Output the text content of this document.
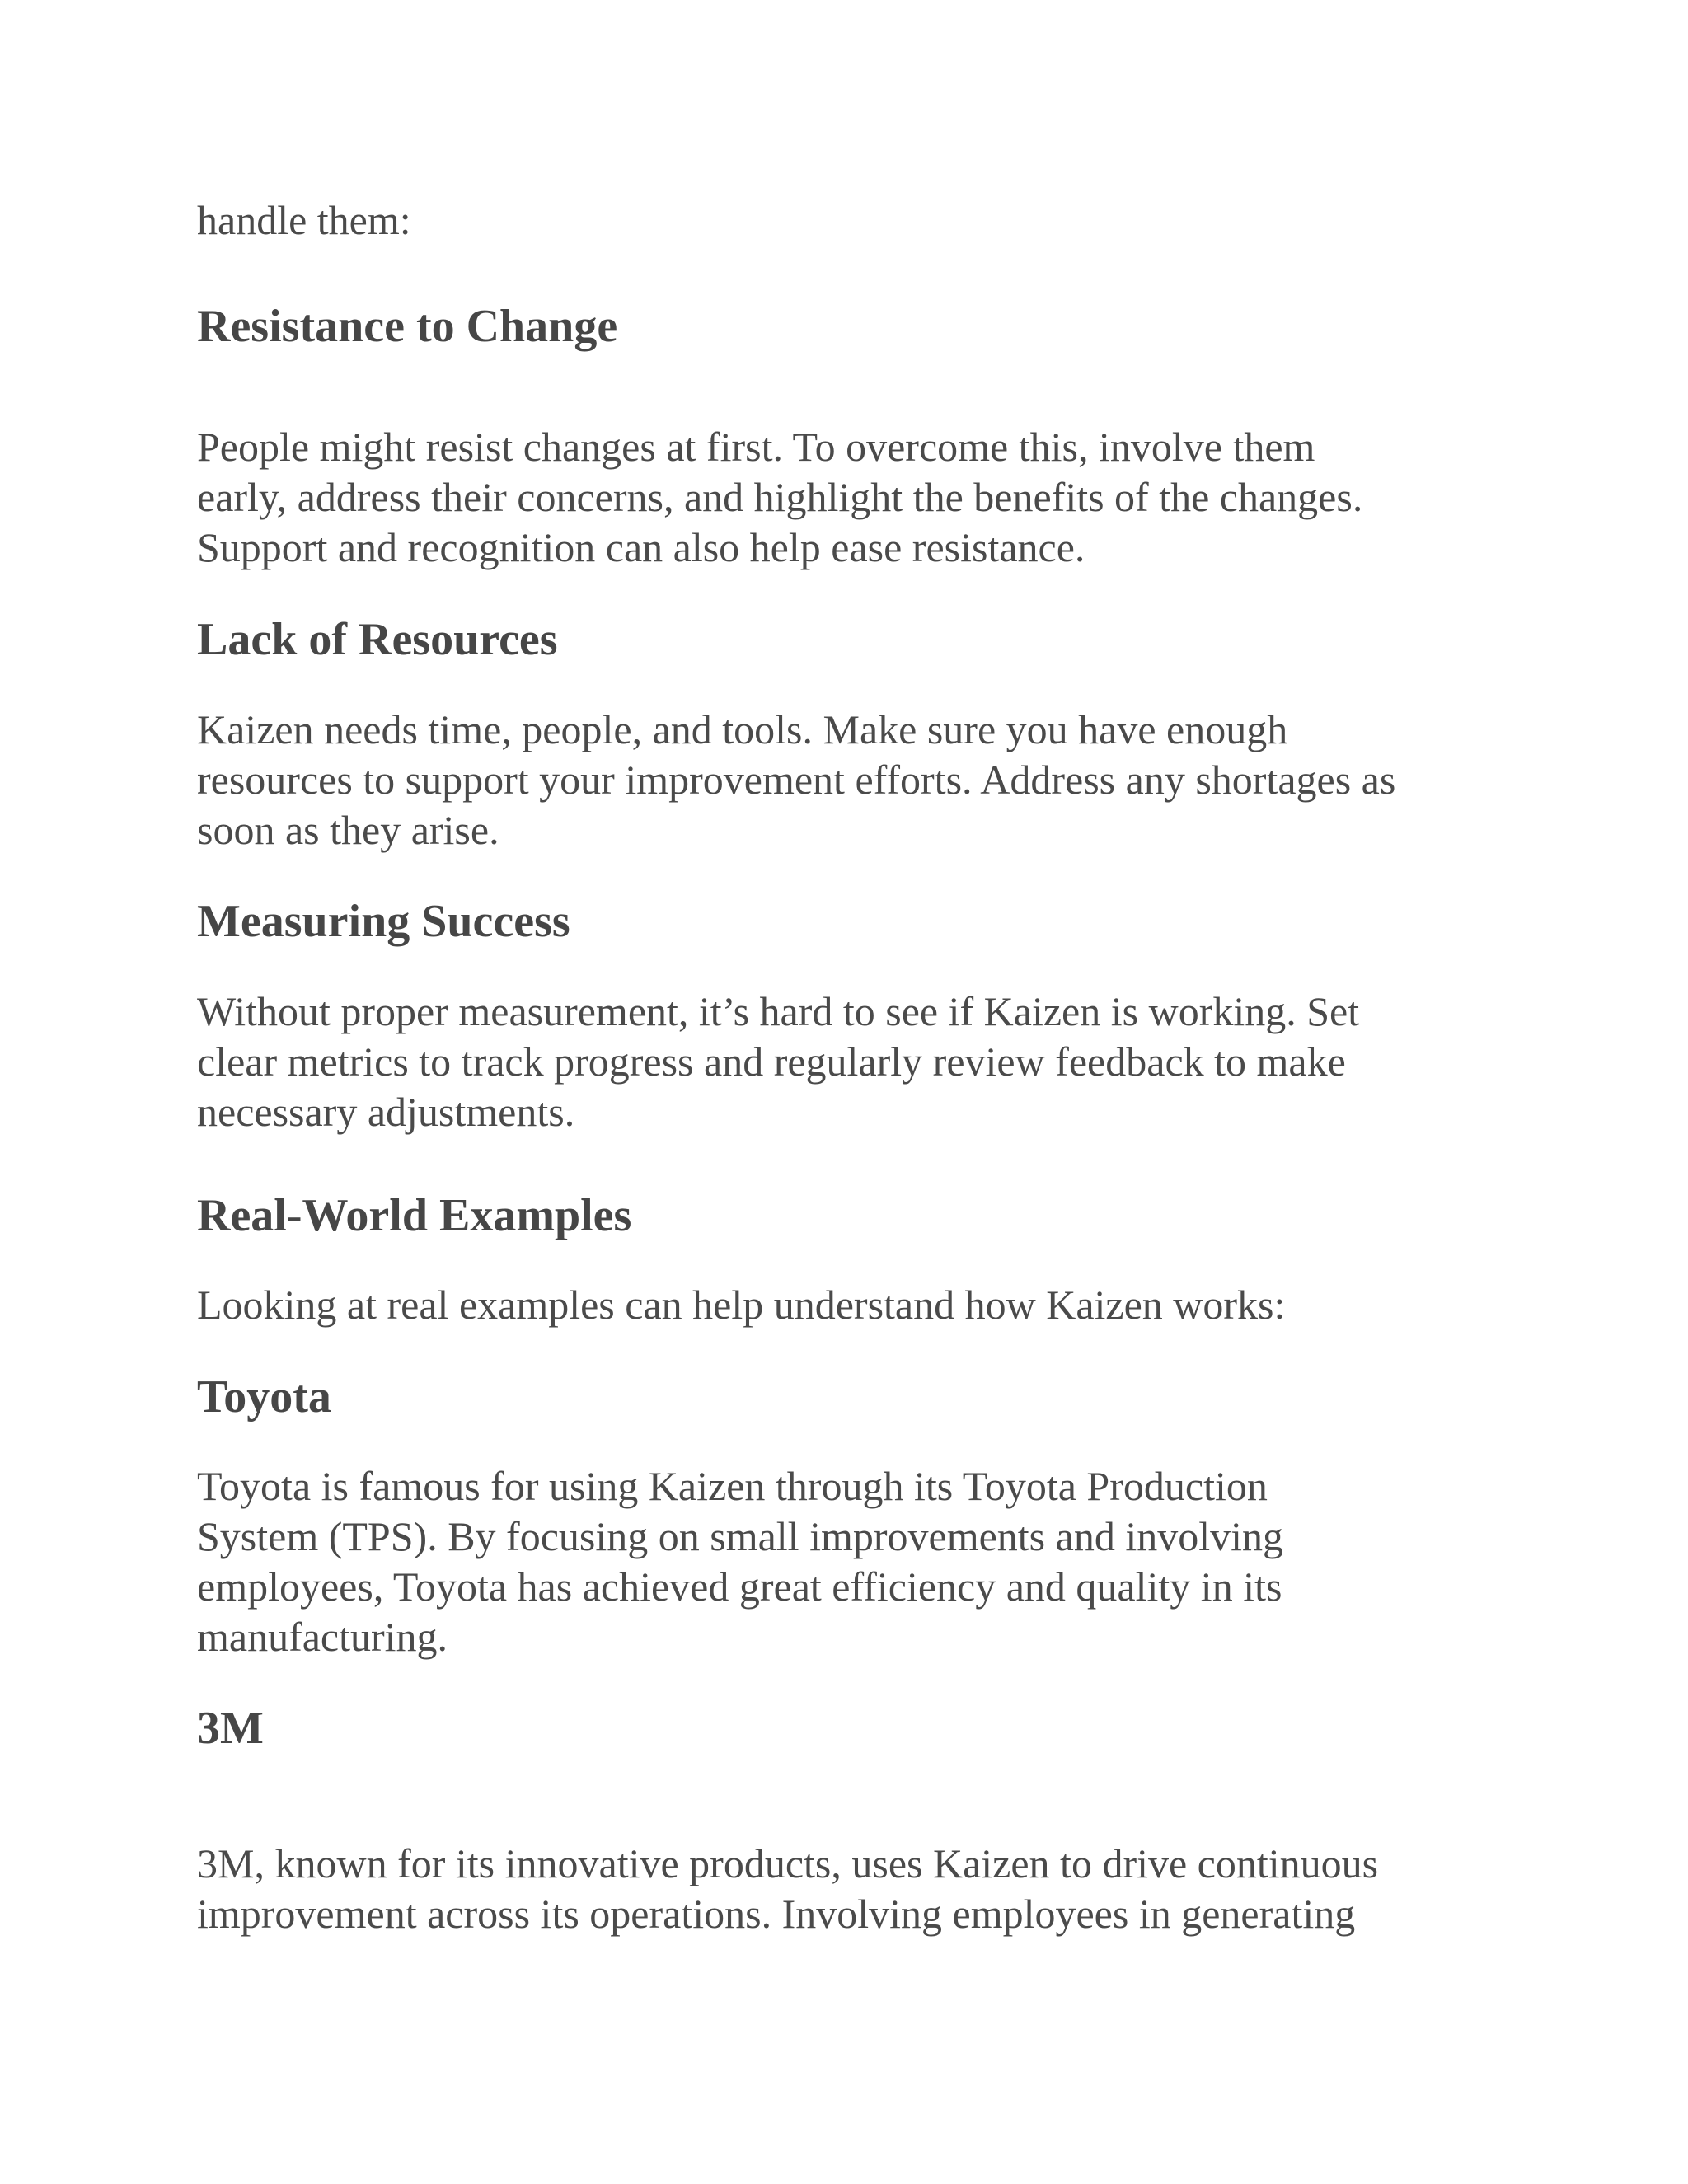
handle them:

Resistance to Change

People might resist changes at first. To overcome this, involve them
early, address their concerns, and highlight the benefits of the changes.
Support and recognition can also help ease resistance.

Lack of Resources

Kaizen needs time, people, and tools. Make sure you have enough
resources to support your improvement efforts. Address any shortages as
soon as they arise.

Measuring Success

Without proper measurement, it’s hard to see if Kaizen is working. Set
clear metrics to track progress and regularly review feedback to make
necessary adjustments.

Real-World Examples

Looking at real examples can help understand how Kaizen works:

Toyota

Toyota is famous for using Kaizen through its Toyota Production
System (TPS). By focusing on small improvements and involving
employees, Toyota has achieved great efficiency and quality in its
manufacturing.

3M

3M, known for its innovative products, uses Kaizen to drive continuous
improvement across its operations. Involving employees in generating
